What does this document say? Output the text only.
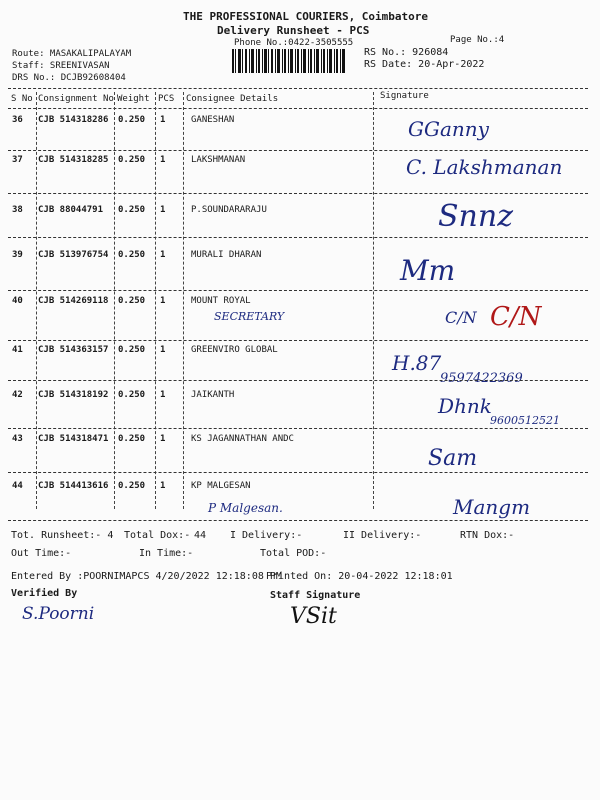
THE PROFESSIONAL COURIERS, Coimbatore
Delivery Runsheet - PCS
Phone No.:0422-3505555	Page No.:4
Route: MASAKALIPALAYAM
Staff: SREENIVASAN
DRS No.: DCJB92608404
RS No.: 926084
RS Date: 20-Apr-2022
S No Consignment No Weight PCS Consignee Details	Signature
36 CJB 514318286 0.250 1	GANESHAN	GGanny
37 CJB 514318285 0.250 1	LAKSHMANAN	C. Lakshmanan
38 CJB 88044791 0.250 1	P.SOUNDARARAJU	Snnz
39 CJB 513976754 0.250 1	MURALI DHARAN	Mm
40 CJB 514269118 0.250 1	MOUNT ROYAL
SECRETARY	C/N C/N
41 CJB 514363157 0.250 1	GREENVIRO GLOBAL
H.87
9597422369
42 CJB 514318192 0.250 1	JAIKANTH	Dhnk
9600512521
43 CJB 514318471 0.250 1	KS JAGANNATHAN ANDC
Sam
44 CJB 514413616 0.250 1	KP MALGESAN
P Malgesan.	Mangm
Tot. Runsheet:- 4 Total Dox:- 44 I Delivery:-	II Delivery:-	RTN Dox:-
Out Time:-	In Time:-	Total POD:-
Entered By :POORNIMAPCS 4/20/2022 12:18:08 PM
Printed On: 20-04-2022 12:18:01
Verified By	Staff Signature
S.Poorni	VSit
